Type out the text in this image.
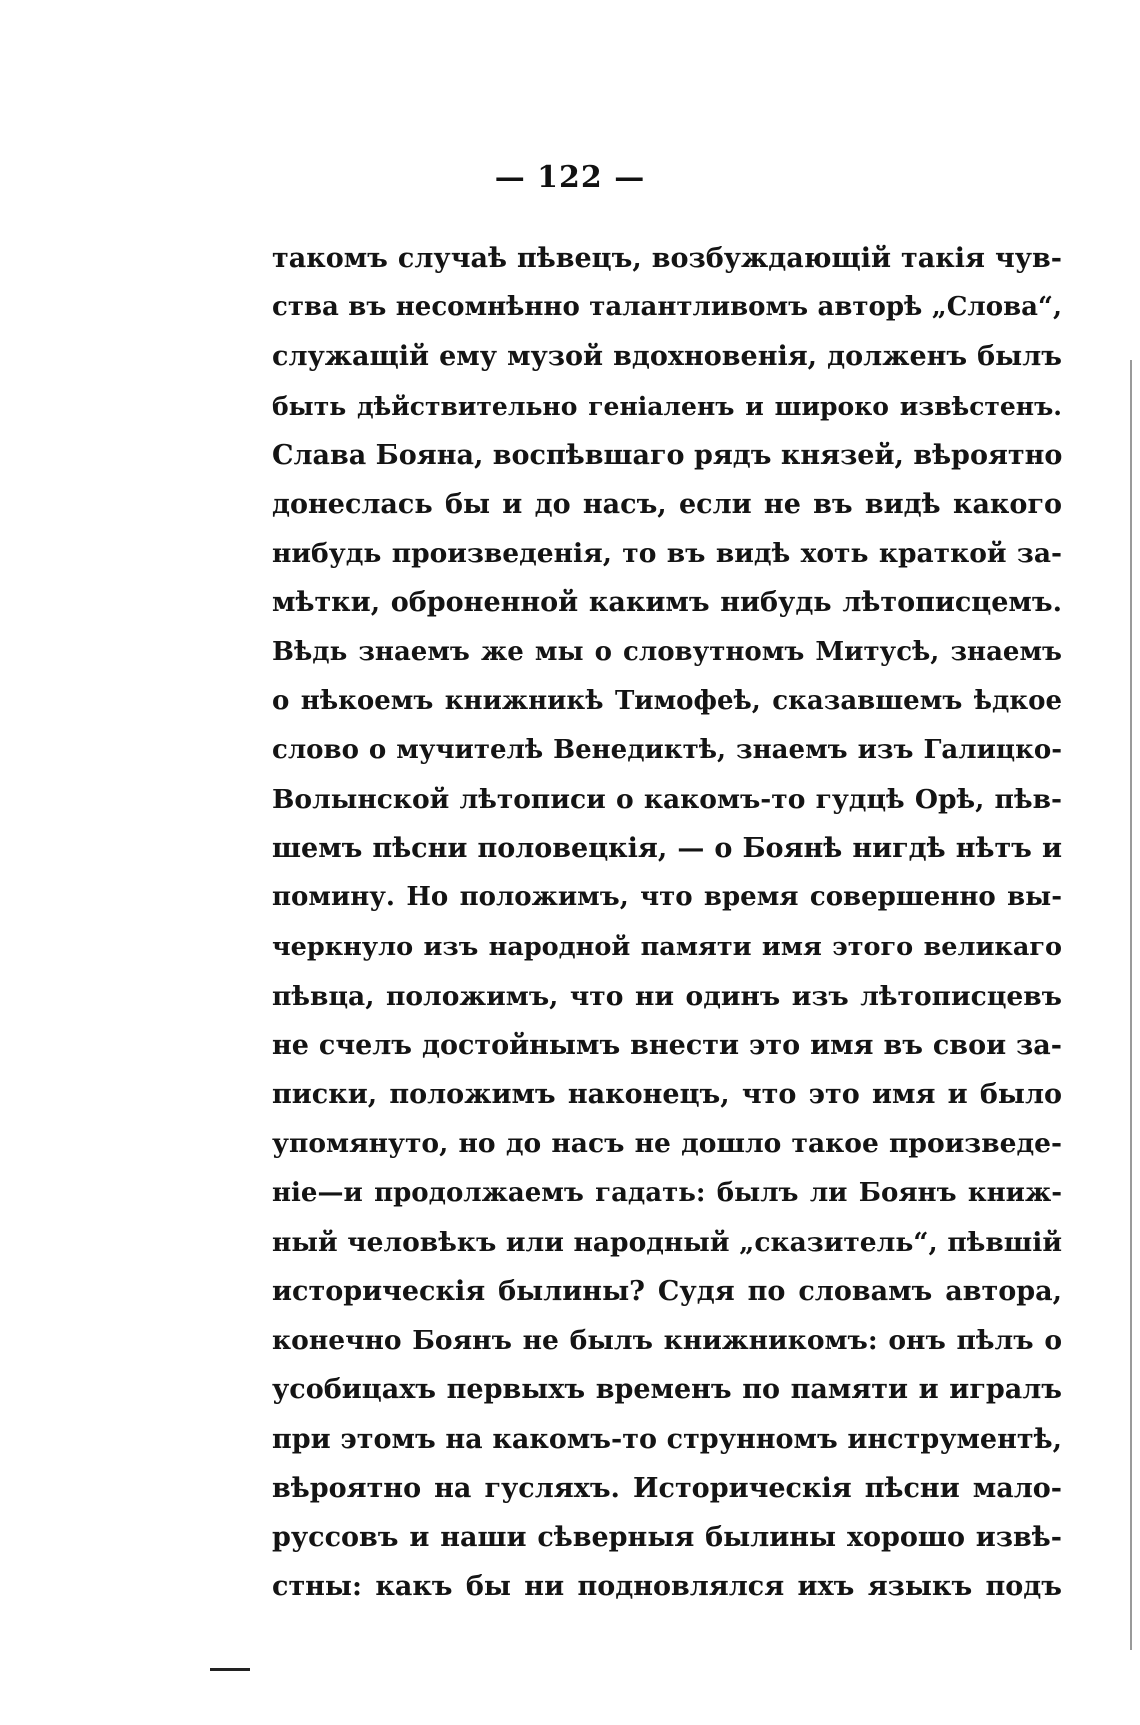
— 122 —
такомъ случаѣ пѣвецъ, возбуждающій такія чув-
ства въ несомнѣнно талантливомъ авторѣ „Слова“,
служащій ему музой вдохновенія, долженъ былъ
быть дѣйствительно геніаленъ и широко извѣстенъ.
Слава Бояна, воспѣвшаго рядъ князей, вѣроятно
донеслась бы и до насъ, если не въ видѣ какого
нибудь произведенія, то въ видѣ хоть краткой за-
мѣтки, оброненной какимъ нибудь лѣтописцемъ.
Вѣдь знаемъ же мы о словутномъ Митусѣ, знаемъ
о нѣкоемъ книжникѣ Тимофеѣ, сказавшемъ ѣдкое
слово о мучителѣ Венедиктѣ, знаемъ изъ Галицко-
Волынской лѣтописи о какомъ-то гудцѣ Орѣ, пѣв-
шемъ пѣсни половецкія, — о Боянѣ нигдѣ нѣтъ и
помину. Но положимъ, что время совершенно вы-
черкнуло изъ народной памяти имя этого великаго
пѣвца, положимъ, что ни одинъ изъ лѣтописцевъ
не счелъ достойнымъ внести это имя въ свои за-
писки, положимъ наконецъ, что это имя и было
упомянуто, но до насъ не дошло такое произведе-
ніе—и продолжаемъ гадать: былъ ли Боянъ книж-
ный человѣкъ или народный „сказитель“, пѣвшій
историческія былины? Судя по словамъ автора,
конечно Боянъ не былъ книжникомъ: онъ пѣлъ о
усобицахъ первыхъ временъ по памяти и игралъ
при этомъ на какомъ-то струнномъ инструментѣ,
вѣроятно на гусляхъ. Историческія пѣсни мало-
руссовъ и наши сѣверныя былины хорошо извѣ-
стны: какъ бы ни подновлялся ихъ языкъ подъ
